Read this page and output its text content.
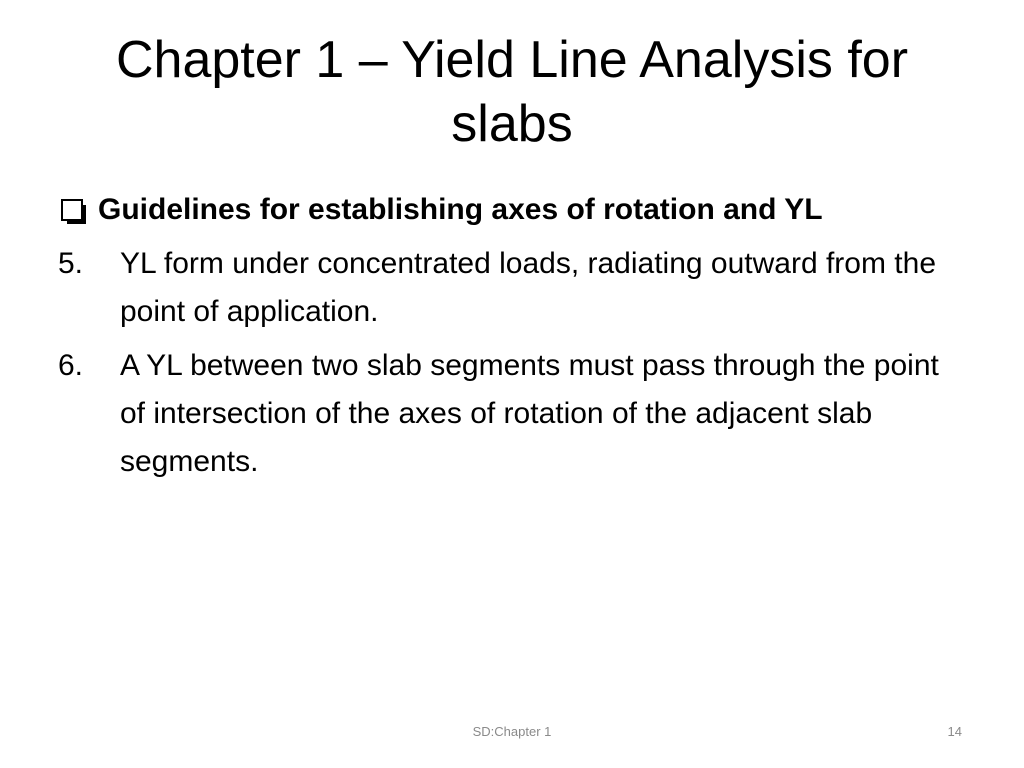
Chapter 1 – Yield Line Analysis for slabs
Guidelines for establishing axes of rotation and YL
5.	YL form under concentrated loads, radiating outward from the point of application.
6.	A YL between two slab segments must pass through the point of intersection of the axes of rotation of the adjacent slab segments.
SD:Chapter 1	14
